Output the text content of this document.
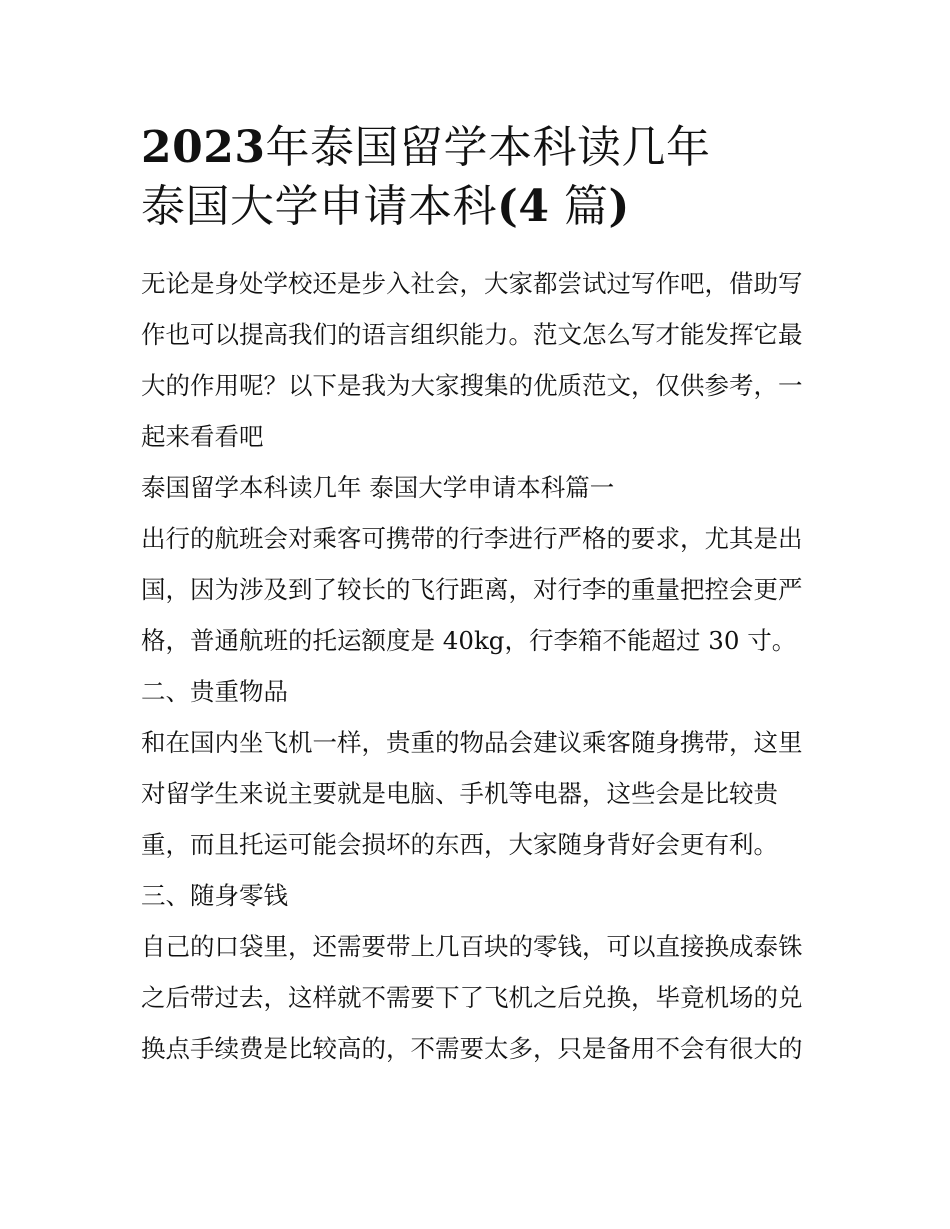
2023年泰国留学本科读几年
泰国大学申请本科(4 篇)

无论是身处学校还是步入社会，大家都尝试过写作吧，借助写
作也可以提高我们的语言组织能力。范文怎么写才能发挥它最
大的作用呢？以下是我为大家搜集的优质范文，仅供参考，一
起来看看吧

泰国留学本科读几年 泰国大学申请本科篇一

出行的航班会对乘客可携带的行李进行严格的要求，尤其是出
国，因为涉及到了较长的飞行距离，对行李的重量把控会更严
格，普通航班的托运额度是 40kg，行李箱不能超过 30 寸。

二、贵重物品

和在国内坐飞机一样，贵重的物品会建议乘客随身携带，这里
对留学生来说主要就是电脑、手机等电器，这些会是比较贵
重，而且托运可能会损坏的东西，大家随身背好会更有利。

三、随身零钱

自己的口袋里，还需要带上几百块的零钱，可以直接换成泰铢
之后带过去，这样就不需要下了飞机之后兑换，毕竟机场的兑
换点手续费是比较高的，不需要太多，只是备用不会有很大的
